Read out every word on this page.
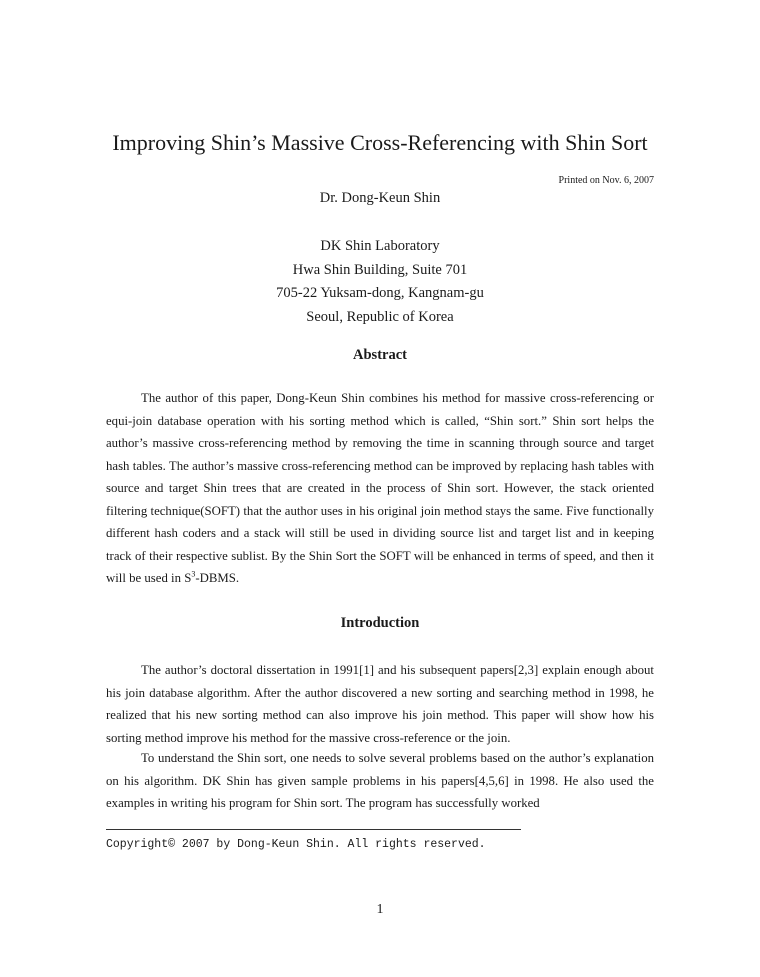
Improving Shin’s Massive Cross-Referencing with Shin Sort
Printed on Nov. 6, 2007
Dr. Dong-Keun Shin
DK Shin Laboratory
Hwa Shin Building, Suite 701
705-22 Yuksam-dong, Kangnam-gu
Seoul, Republic of Korea
Abstract

The author of this paper, Dong-Keun Shin combines his method for massive cross-referencing or equi-join database operation with his sorting method which is called, “Shin sort.” Shin sort helps the author’s massive cross-referencing method by removing the time in scanning through source and target hash tables. The author’s massive cross-referencing method can be improved by replacing hash tables with source and target Shin trees that are created in the process of Shin sort. However, the stack oriented filtering technique(SOFT) that the author uses in his original join method stays the same. Five functionally different hash coders and a stack will still be used in dividing source list and target list and in keeping track of their respective sublist. By the Shin Sort the SOFT will be enhanced in terms of speed, and then it will be used in $S^3$-DBMS.

Introduction

The author’s doctoral dissertation in 1991[1] and his subsequent papers[2,3] explain enough about his join database algorithm. After the author discovered a new sorting and searching method in 1998, he realized that his new sorting method can also improve his join method. This paper will show how his sorting method improve his method for the massive cross-reference or the join.

To understand the Shin sort, one needs to solve several problems based on the author’s explanation on his algorithm. DK Shin has given sample problems in his papers[4,5,6] in 1998. He also used the examples in writing his program for Shin sort. The program has successfully worked

Copyright© 2007 by Dong-Keun Shin. All rights reserved.
1
